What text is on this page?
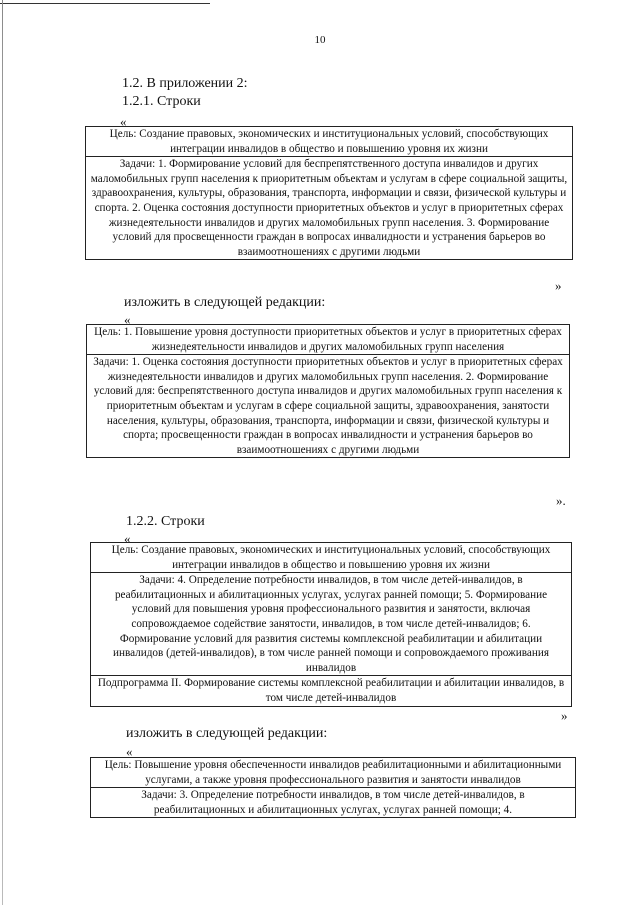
10
1.2. В приложении 2:
1.2.1. Строки
«
Цель: Создание правовых, экономических и институциональных условий, способствующих интеграции инвалидов в общество и повышению уровня их жизни
Задачи: 1. Формирование условий для беспрепятственного доступа инвалидов и других маломобильных групп населения к приоритетным объектам и услугам в сфере социальной защиты, здравоохранения, культуры, образования, транспорта, информации и связи, физической культуры и спорта. 2. Оценка состояния доступности приоритетных объектов и услуг в приоритетных сферах жизнедеятельности инвалидов и других маломобильных групп населения. 3. Формирование условий для просвещенности граждан в вопросах инвалидности и устранения барьеров во взаимоотношениях с другими людьми
»
изложить в следующей редакции:
«
Цель: 1. Повышение уровня доступности приоритетных объектов и услуг в приоритетных сферах жизнедеятельности инвалидов и других маломобильных групп населения
Задачи: 1. Оценка состояния доступности приоритетных объектов и услуг в приоритетных сферах жизнедеятельности инвалидов и других маломобильных групп населения. 2. Формирование условий для: беспрепятственного доступа инвалидов и других маломобильных групп населения к приоритетным объектам и услугам в сфере социальной защиты, здравоохранения, занятости населения, культуры, образования, транспорта, информации и связи, физической культуры и спорта; просвещенности граждан в вопросах инвалидности и устранения барьеров во взаимоотношениях с другими людьми
».
1.2.2. Строки
«
Цель: Создание правовых, экономических и институциональных условий, способствующих интеграции инвалидов в общество и повышению уровня их жизни
Задачи: 4. Определение потребности инвалидов, в том числе детей-инвалидов, в реабилитационных и абилитационных услугах, услугах ранней помощи; 5. Формирование условий для повышения уровня профессионального развития и занятости, включая сопровождаемое содействие занятости, инвалидов, в том числе детей-инвалидов; 6. Формирование условий для развития системы комплексной реабилитации и абилитации инвалидов (детей-инвалидов), в том числе ранней помощи и сопровождаемого проживания инвалидов
Подпрограмма II. Формирование системы комплексной реабилитации и абилитации инвалидов, в том числе детей-инвалидов
»
изложить в следующей редакции:
«
Цель: Повышение уровня обеспеченности инвалидов реабилитационными и абилитационными услугами, а также уровня профессионального развития и занятости инвалидов
Задачи: 3. Определение потребности инвалидов, в том числе детей-инвалидов, в реабилитационных и абилитационных услугах, услугах ранней помощи; 4.
